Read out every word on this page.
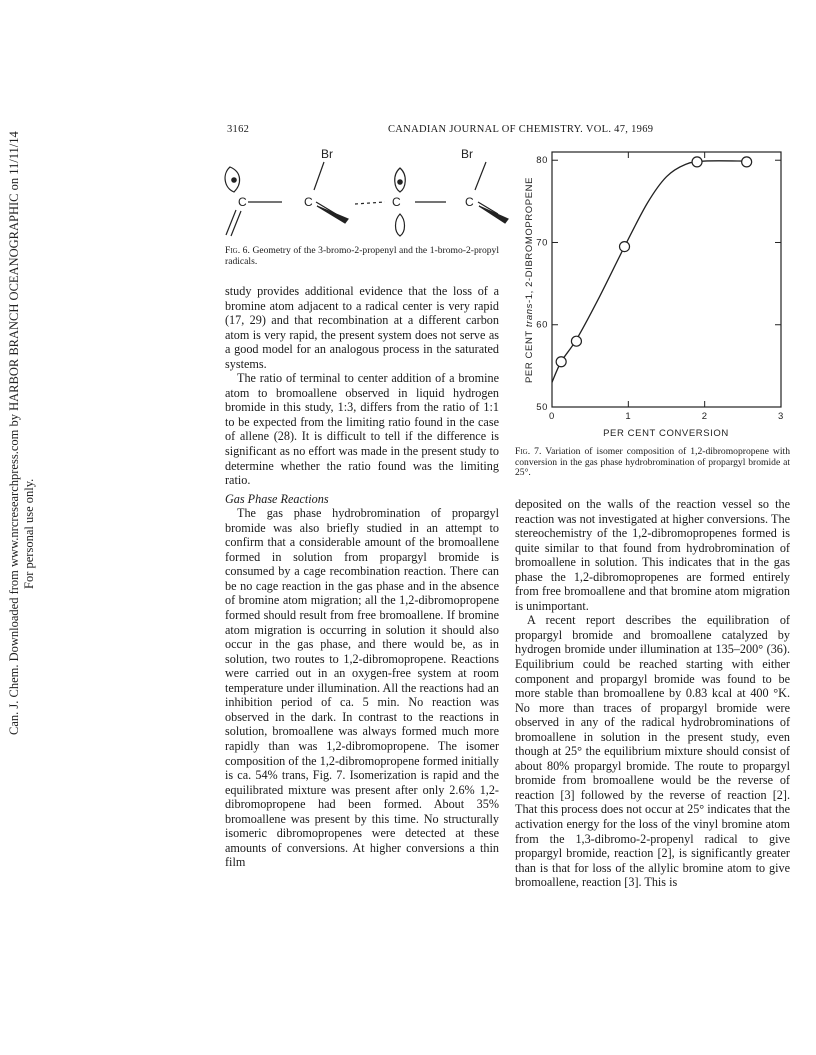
Can. J. Chem. Downloaded from www.nrcresearchpress.com by HARBOR BRANCH OCEANOGRAPHIC on 11/11/14 For personal use only.
3162	CANADIAN JOURNAL OF CHEMISTRY. VOL. 47, 1969
Br	Br
C	C	C	C
Fig. 6. Geometry of the 3-bromo-2-propenyl and the 1-bromo-2-propyl radicals.

study provides additional evidence that the loss of a bromine atom adjacent to a radical center is very rapid (17, 29) and that recombination at a different carbon atom is very rapid, the present system does not serve as a good model for an analogous process in the saturated systems.

The ratio of terminal to center addition of a bromine atom to bromoallene observed in liquid hydrogen bromide in this study, 1:3, differs from the ratio of 1:1 to be expected from the limiting ratio found in the case of allene (28). It is difficult to tell if the difference is significant as no effort was made in the present study to determine whether the ratio found was the limiting ratio.

Gas Phase Reactions

The gas phase hydrobromination of propargyl bromide was also briefly studied in an attempt to confirm that a considerable amount of the bromoallene formed in solution from propargyl bromide is consumed by a cage recombination reaction. There can be no cage reaction in the gas phase and in the absence of bromine atom migration; all the 1,2-dibromopropene formed should result from free bromoallene. If bromine atom migration is occurring in solution it should also occur in the gas phase, and there would be, as in solution, two routes to 1,2-dibromopropene. Reactions were carried out in an oxygen-free system at room temperature under illumination. All the reactions had an inhibition period of ca. 5 min. No reaction was observed in the dark. In contrast to the reactions in solution, bromoallene was always formed much more rapidly than was 1,2-dibromopropene. The isomer composition of the 1,2-dibromopropene formed initially is ca. 54% trans, Fig. 7. Isomerization is rapid and the equilibrated mixture was present after only 2.6% 1,2-dibromopropene had been formed. About 35% bromoallene was present by this time. No structurally isomeric dibromopropenes were detected at these amounts of conversions. At higher conversions a thin film

0	1	2	3
50
60
70
80
PER CENT CONVERSION
PER CENT trans-1, 2-DIBROMOPROPENE
Fig. 7. Variation of isomer composition of 1,2-dibromopropene with conversion in the gas phase hydrobromination of propargyl bromide at 25°.

deposited on the walls of the reaction vessel so the reaction was not investigated at higher conversions. The stereochemistry of the 1,2-dibromopropenes formed is quite similar to that found from hydrobromination of bromoallene in solution. This indicates that in the gas phase the 1,2-dibromopropenes are formed entirely from free bromoallene and that bromine atom migration is unimportant.

A recent report describes the equilibration of propargyl bromide and bromoallene catalyzed by hydrogen bromide under illumination at 135–200° (36). Equilibrium could be reached starting with either component and propargyl bromide was found to be more stable than bromoallene by 0.83 kcal at 400 °K. No more than traces of propargyl bromide were observed in any of the radical hydrobrominations of bromoallene in solution in the present study, even though at 25° the equilibrium mixture should consist of about 80% propargyl bromide. The route to propargyl bromide from bromoallene would be the reverse of reaction [3] followed by the reverse of reaction [2]. That this process does not occur at 25° indicates that the activation energy for the loss of the vinyl bromine atom from the 1,3-dibromo-2-propenyl radical to give propargyl bromide, reaction [2], is significantly greater than is that for loss of the allylic bromine atom to give bromoallene, reaction [3]. This is
